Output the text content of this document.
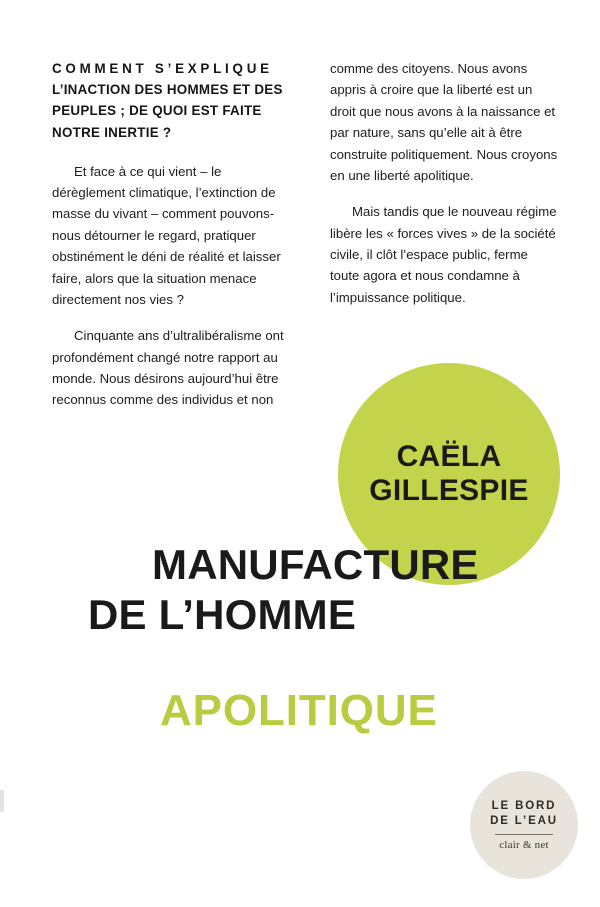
COMMENT S’EXPLIQUE L’INACTION DES HOMMES ET DES PEUPLES ; DE QUOI EST FAITE NOTRE INERTIE ?

Et face à ce qui vient – le dérèglement climatique, l’extinction de masse du vivant – comment pouvons-nous détourner le regard, pratiquer obstinément le déni de réalité et laisser faire, alors que la situation menace directement nos vies ?

Cinquante ans d’ultralibéralisme ont profondément changé notre rapport au monde. Nous désirons aujourd’hui être reconnus comme des individus et non

comme des citoyens. Nous avons appris à croire que la liberté est un droit que nous avons à la naissance et par nature, sans qu’elle ait à être construite politiquement. Nous croyons en une liberté apolitique.

Mais tandis que le nouveau régime libère les « forces vives » de la société civile, il clôt l’espace public, ferme toute agora et nous condamne à l’impuissance politique.

CAËLA
GILLESPIE
MANUFACTURE
DE L’HOMME
APOLITIQUE
LE BORD
DE L’EAU
clair & net
